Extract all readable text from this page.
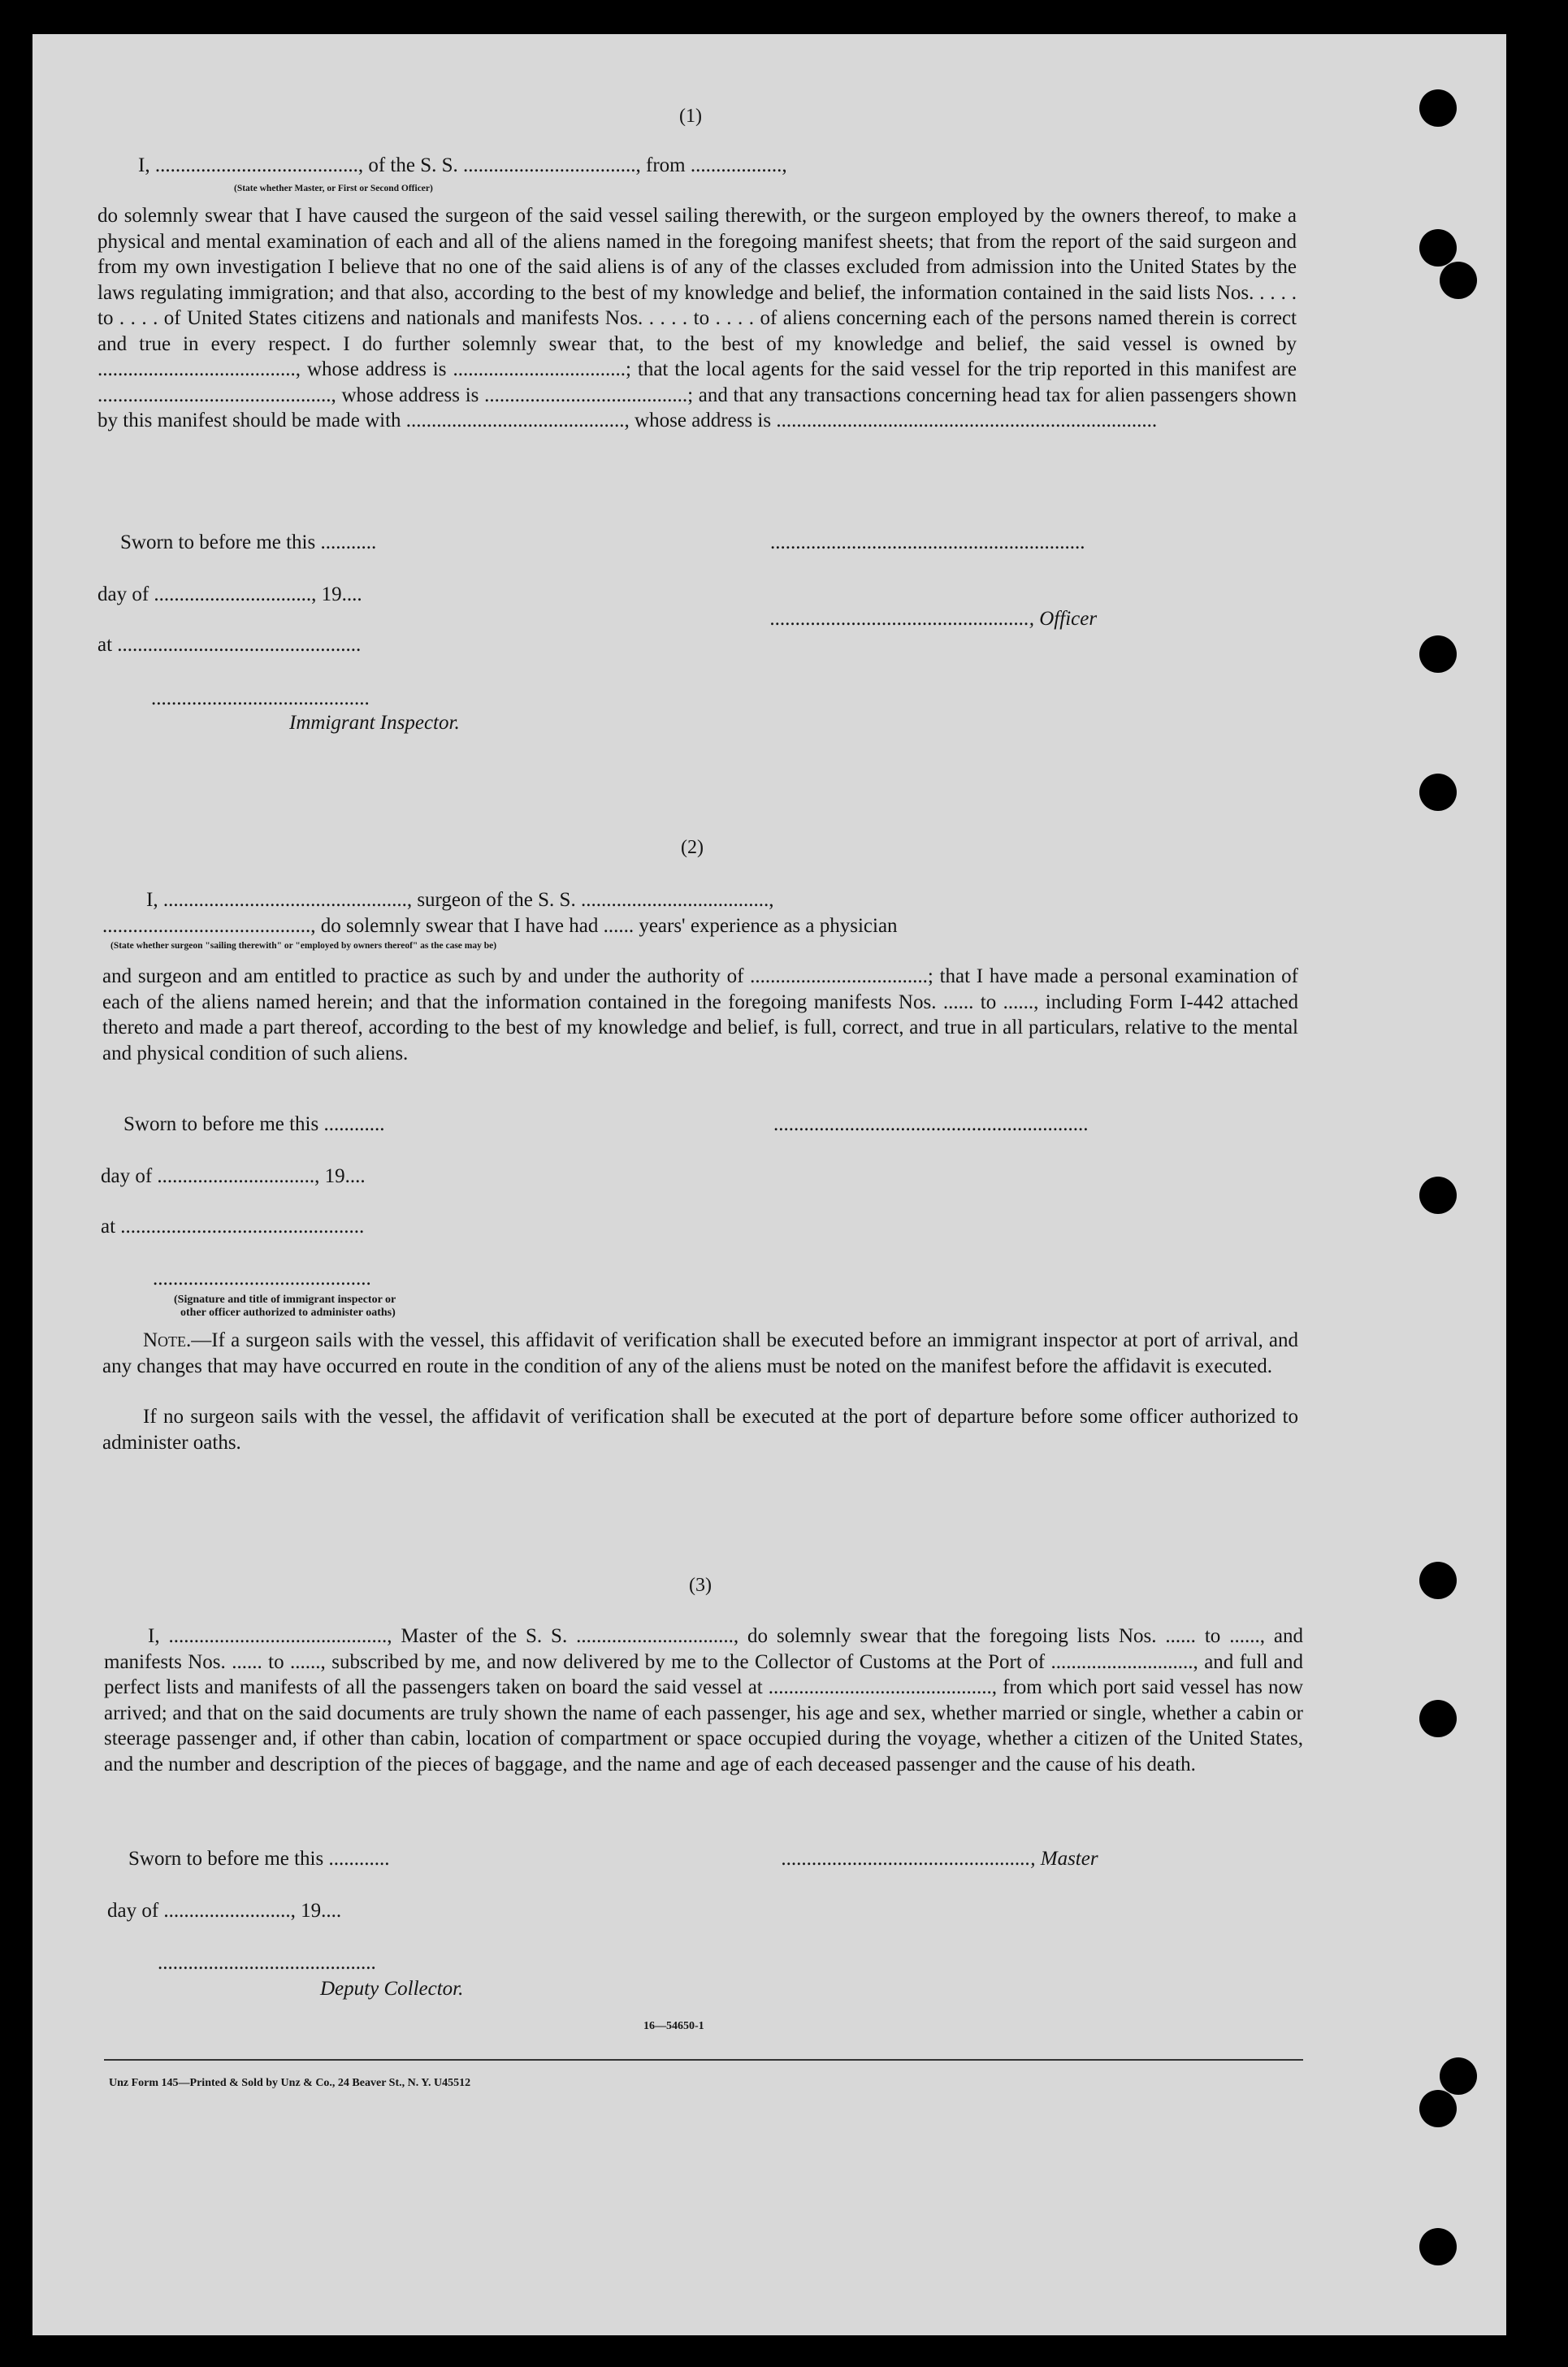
(1)
I, ........................................, of the S. S. .................................., from ..................,
(State whether Master, or First or Second Officer)
do solemnly swear that I have caused the surgeon of the said vessel sailing therewith, or the surgeon employed by the owners thereof, to make a physical and mental examination of each and all of the aliens named in the foregoing manifest sheets; that from the report of the said surgeon and from my own investigation I believe that no one of the said aliens is of any of the classes excluded from admission into the United States by the laws regulating immigration; and that also, according to the best of my knowledge and belief, the information contained in the said lists Nos. . . . . to . . . . of United States citizens and nationals and manifests Nos. . . . . to . . . . of aliens concerning each of the persons named therein is correct and true in every respect. I do further solemnly swear that, to the best of my knowledge and belief, the said vessel is owned by ......................................., whose address is ..................................; that the local agents for the said vessel for the trip reported in this manifest are .............................................., whose address is ........................................; and that any transactions concerning head tax for alien passengers shown by this manifest should be made with ..........................................., whose address is ...........................................................................
Sworn to before me this ...........	..............................................................
day of ..............................., 19....
..................................................., Officer
at ................................................
...........................................
Immigrant Inspector.
(2)
I, ................................................, surgeon of the S. S. .....................................,
........................................., do solemnly swear that I have had ...... years' experience as a physician
(State whether surgeon "sailing therewith" or "employed by owners thereof" as the case may be)
and surgeon and am entitled to practice as such by and under the authority of ...................................; that I have made a personal examination of each of the aliens named herein; and that the information contained in the foregoing manifests Nos. ...... to ......, including Form I-442 attached thereto and made a part thereof, according to the best of my knowledge and belief, is full, correct, and true in all particulars, relative to the mental and physical condition of such aliens.
Sworn to before me this ............	..............................................................
day of ..............................., 19....
at ................................................
...........................................
(Signature and title of immigrant inspector or
other officer authorized to administer oaths)
Note.—If a surgeon sails with the vessel, this affidavit of verification shall be executed before an immigrant inspector at port of arrival, and any changes that may have occurred en route in the condition of any of the aliens must be noted on the manifest before the affidavit is executed.
If no surgeon sails with the vessel, the affidavit of verification shall be executed at the port of departure before some officer authorized to administer oaths.
(3)
I, ..........................................., Master of the S. S. ..............................., do solemnly swear that the foregoing lists Nos. ...... to ......, and manifests Nos. ...... to ......, subscribed by me, and now delivered by me to the Collector of Customs at the Port of ............................, and full and perfect lists and manifests of all the passengers taken on board the said vessel at ............................................, from which port said vessel has now arrived; and that on the said documents are truly shown the name of each passenger, his age and sex, whether married or single, whether a cabin or steerage passenger and, if other than cabin, location of compartment or space occupied during the voyage, whether a citizen of the United States, and the number and description of the pieces of baggage, and the name and age of each deceased passenger and the cause of his death.
Sworn to before me this ............	................................................., Master
day of ........................., 19....
...........................................
Deputy Collector.
16—54650-1
Unz Form 145—Printed & Sold by Unz & Co., 24 Beaver St., N. Y. U45512
